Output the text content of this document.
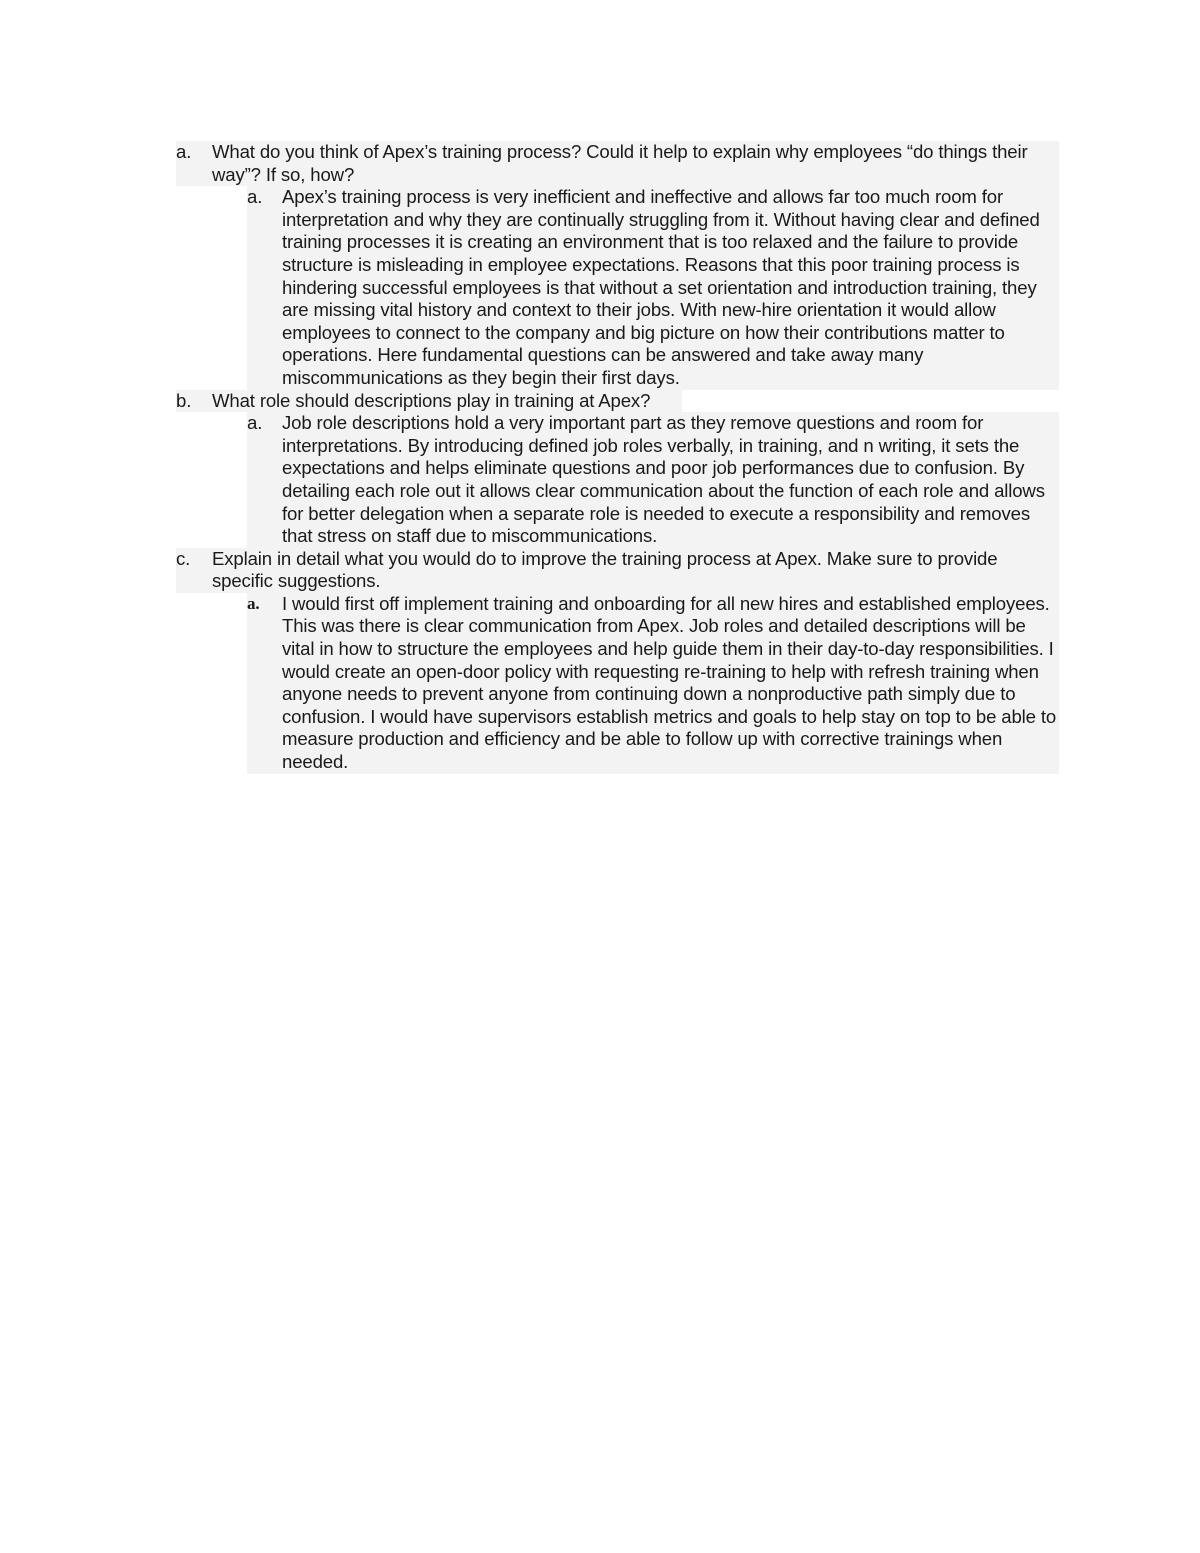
a.	What do you think of Apex’s training process? Could it help to explain why employees “do things their way”? If so, how?
a.	Apex’s training process is very inefficient and ineffective and allows far too much room for interpretation and why they are continually struggling from it. Without having clear and defined training processes it is creating an environment that is too relaxed and the failure to provide structure is misleading in employee expectations. Reasons that this poor training process is hindering successful employees is that without a set orientation and introduction training, they are missing vital history and context to their jobs. With new-hire orientation it would allow employees to connect to the company and big picture on how their contributions matter to operations. Here fundamental questions can be answered and take away many miscommunications as they begin their first days.
b.	What role should descriptions play in training at Apex?
a.	Job role descriptions hold a very important part as they remove questions and room for interpretations. By introducing defined job roles verbally, in training, and n writing, it sets the expectations and helps eliminate questions and poor job performances due to confusion. By detailing each role out it allows clear communication about the function of each role and allows for better delegation when a separate role is needed to execute a responsibility and removes that stress on staff due to miscommunications.
c.	Explain in detail what you would do to improve the training process at Apex. Make sure to provide specific suggestions.
a.	I would first off implement training and onboarding for all new hires and established employees. This was there is clear communication from Apex. Job roles and detailed descriptions will be vital in how to structure the employees and help guide them in their day-to-day responsibilities. I would create an open-door policy with requesting re-training to help with refresh training when anyone needs to prevent anyone from continuing down a nonproductive path simply due to confusion. I would have supervisors establish metrics and goals to help stay on top to be able to measure production and efficiency and be able to follow up with corrective trainings when needed.
